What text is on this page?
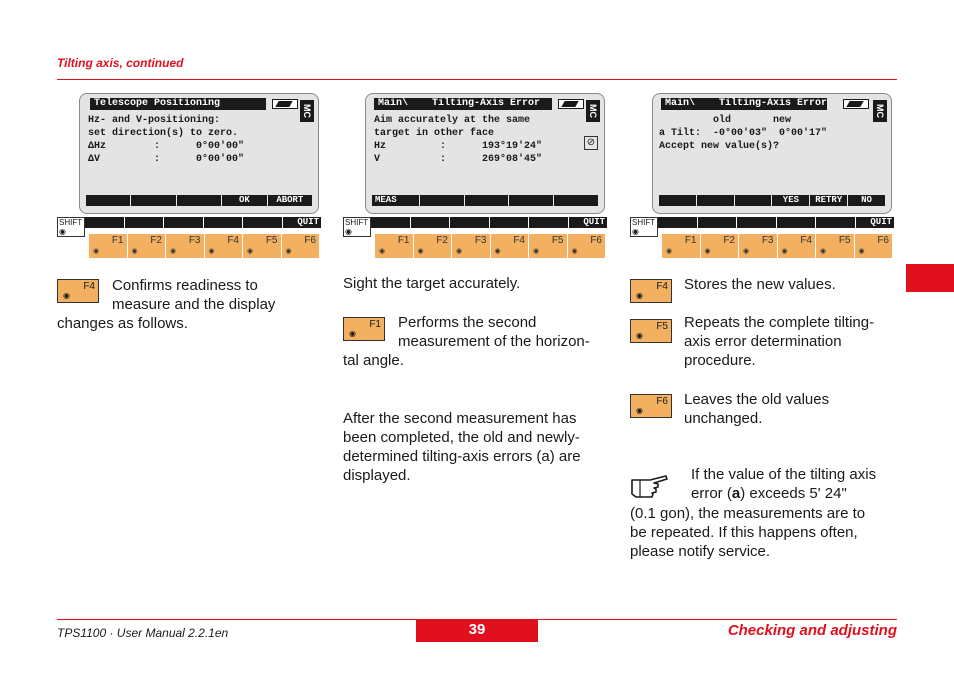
Tilting axis, continued
Telescope Positioning
MC
Hz- and V-positioning:
set direction(s) to zero.
ΔHz        :      0°00'00"
ΔV         :      0°00'00"
OK	ABORT
SHIFT
◉
QUIT
F1
◉
F2
◉
F3
◉
F4
◉
F5
◉
F6
◉
Main\    Tilting-Axis Error
MC
⊘
Aim accurately at the same
target in other face
Hz         :      193°19'24"
V          :      269°08'45"
MEAS
SHIFT
◉
QUIT
F1
◉
F2
◉
F3
◉
F4
◉
F5
◉
F6
◉
Main\    Tilting-Axis Error
MC
old       new
a Tilt:  -0°00'03"  0°00'17"
Accept new value(s)?
YES	RETRY	NO
SHIFT
◉
QUIT
F1
◉
F2
◉
F3
◉
F4
◉
F5
◉
F6
◉
F4
◉
Confirms readiness to
measure and the display
changes as follows.
Sight the target accurately.
F1
◉
Performs the second
measurement of the horizon-
tal angle.
After the second measurement has
been completed, the old and newly-
determined tilting-axis errors (a) are
displayed.
F4
◉
Stores the new values.
F5
◉
Repeats the complete tilting-
axis error determination
procedure.
F6
◉
Leaves the old values
unchanged.
If the value of the tilting axis
error (a) exceeds 5' 24"
(0.1 gon), the measurements are to
be repeated. If this happens often,
please notify service.
TPS1100 · User Manual 2.2.1en	39	Checking and adjusting
